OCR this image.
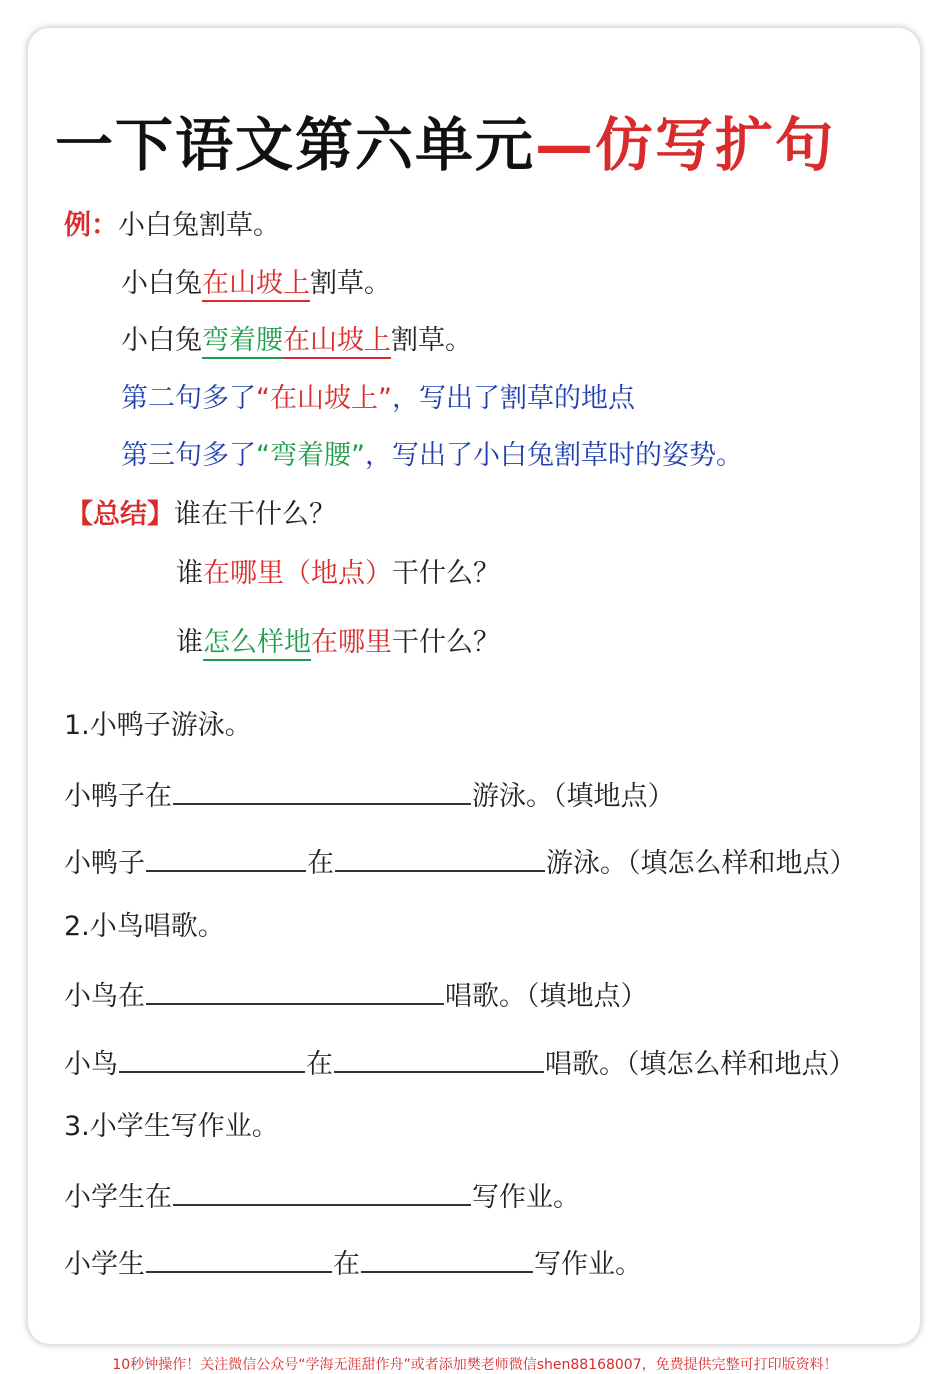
一下语文第六单元—仿写扩句
例：小白兔割草。
小白兔在山坡上割草。
小白兔弯着腰在山坡上割草。
第二句多了“在山坡上”，写出了割草的地点
第三句多了“弯着腰”，写出了小白兔割草时的姿势。
【总结】谁在干什么？
谁在哪里（地点）干什么？
谁怎么样地在哪里干什么？
1.小鸭子游泳。
小鸭子在	游泳。（填地点）
小鸭子	在	游泳。（填怎么样和地点）
2.小鸟唱歌。
小鸟在	唱歌。（填地点）
小鸟	在	唱歌。（填怎么样和地点）
3.小学生写作业。
小学生在	写作业。
小学生	在	写作业。
10秒钟操作！关注微信公众号“学海无涯甜作舟”或者添加樊老师微信shen88168007，免费提供完整可打印版资料！
